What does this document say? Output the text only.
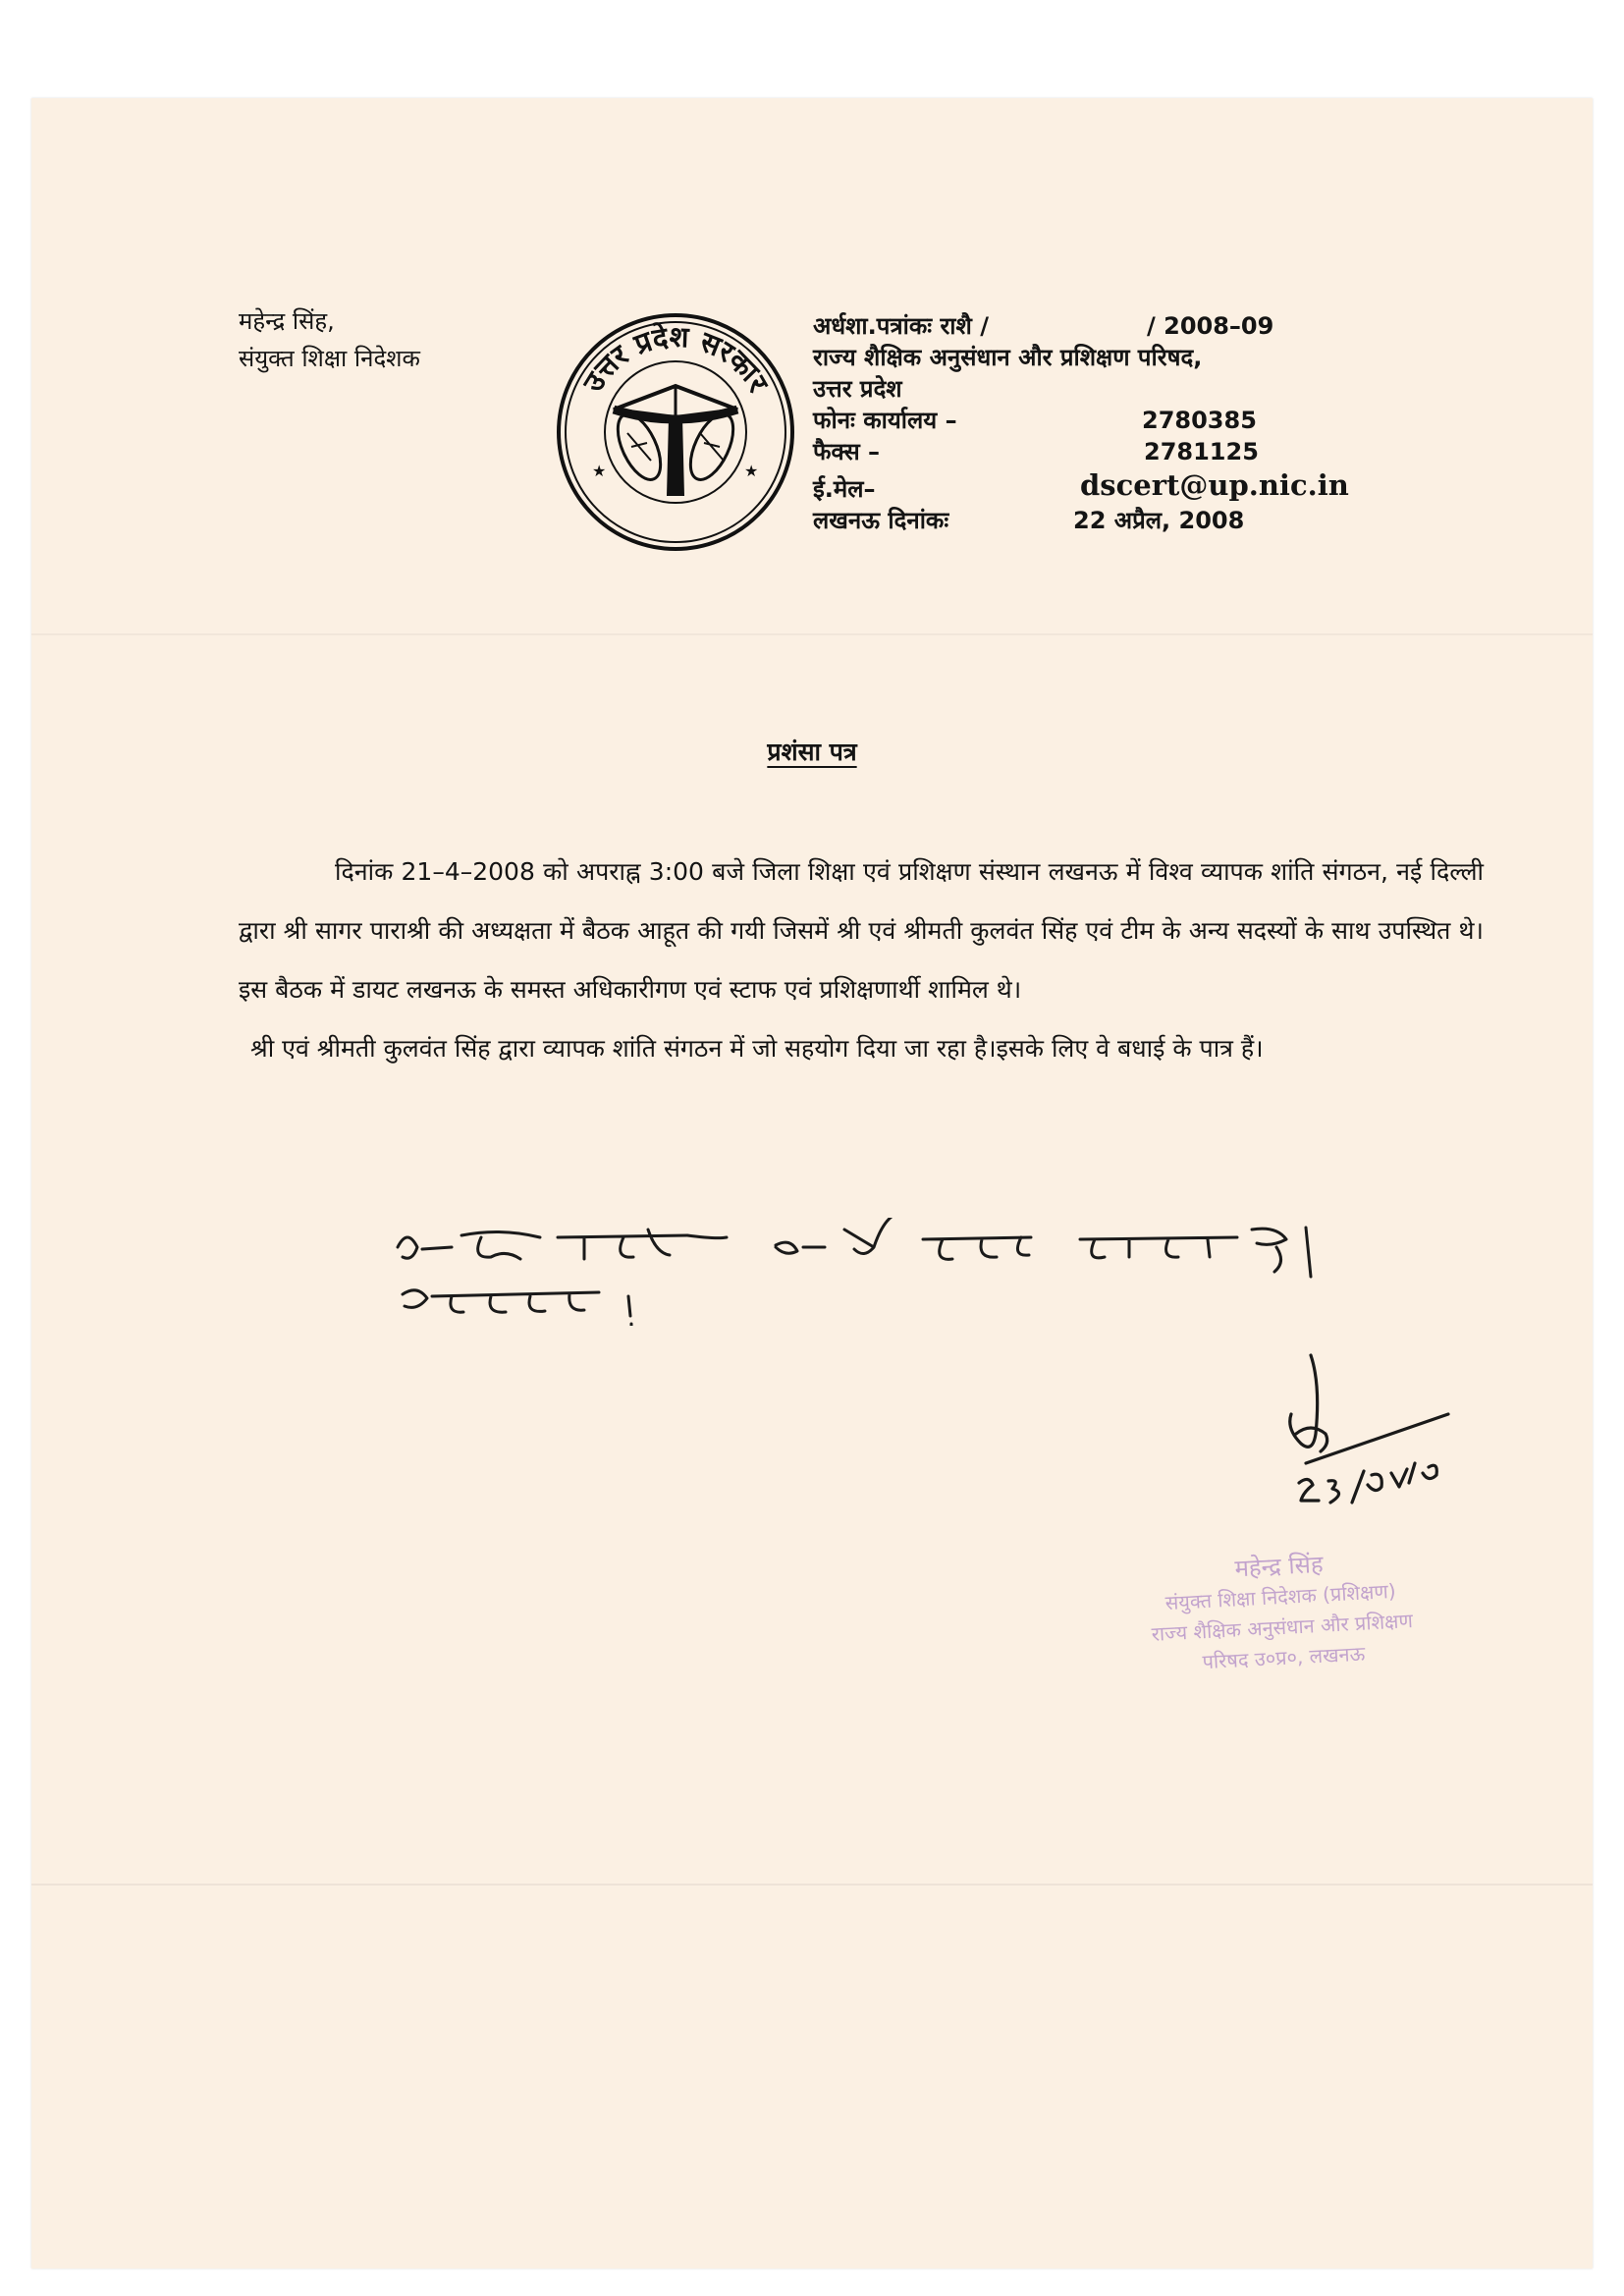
महेन्द्र सिंह,
संयुक्त शिक्षा निदेशक
उत्तर प्रदेश सरकार
★	★
अर्धशा.पत्रांकः राशै /	/ 2008–09
राज्य शैक्षिक अनुसंधान और प्रशिक्षण परिषद,
उत्तर प्रदेश
फोनः कार्यालय –	2780385
फैक्स –	2781125
ई.मेल–	dscert@up.nic.in
लखनऊ दिनांकः	22 अप्रैल, 2008
प्रशंसा पत्र

दिनांक 21–4–2008 को अपराह्न 3:00 बजे जिला शिक्षा एवं प्रशिक्षण संस्थान लखनऊ में विश्व व्यापक शांति संगठन, नई दिल्ली द्वारा श्री सागर पाराश्री की अध्यक्षता में बैठक आहूत की गयी जिसमें श्री एवं श्रीमती कुलवंत सिंह एवं टीम के अन्य सदस्यों के साथ उपस्थित थे। इस बैठक में डायट लखनऊ के समस्त अधिकारीगण एवं स्टाफ एवं प्रशिक्षणार्थी शामिल थे।

श्री एवं श्रीमती कुलवंत सिंह द्वारा व्यापक शांति संगठन में जो सहयोग दिया जा रहा है।इसके लिए वे बधाई के पात्र हैं।

महेन्द्र सिंह
संयुक्त शिक्षा निदेशक (प्रशिक्षण)
राज्य शैक्षिक अनुसंधान और प्रशिक्षण
परिषद उ०प्र०, लखनऊ
